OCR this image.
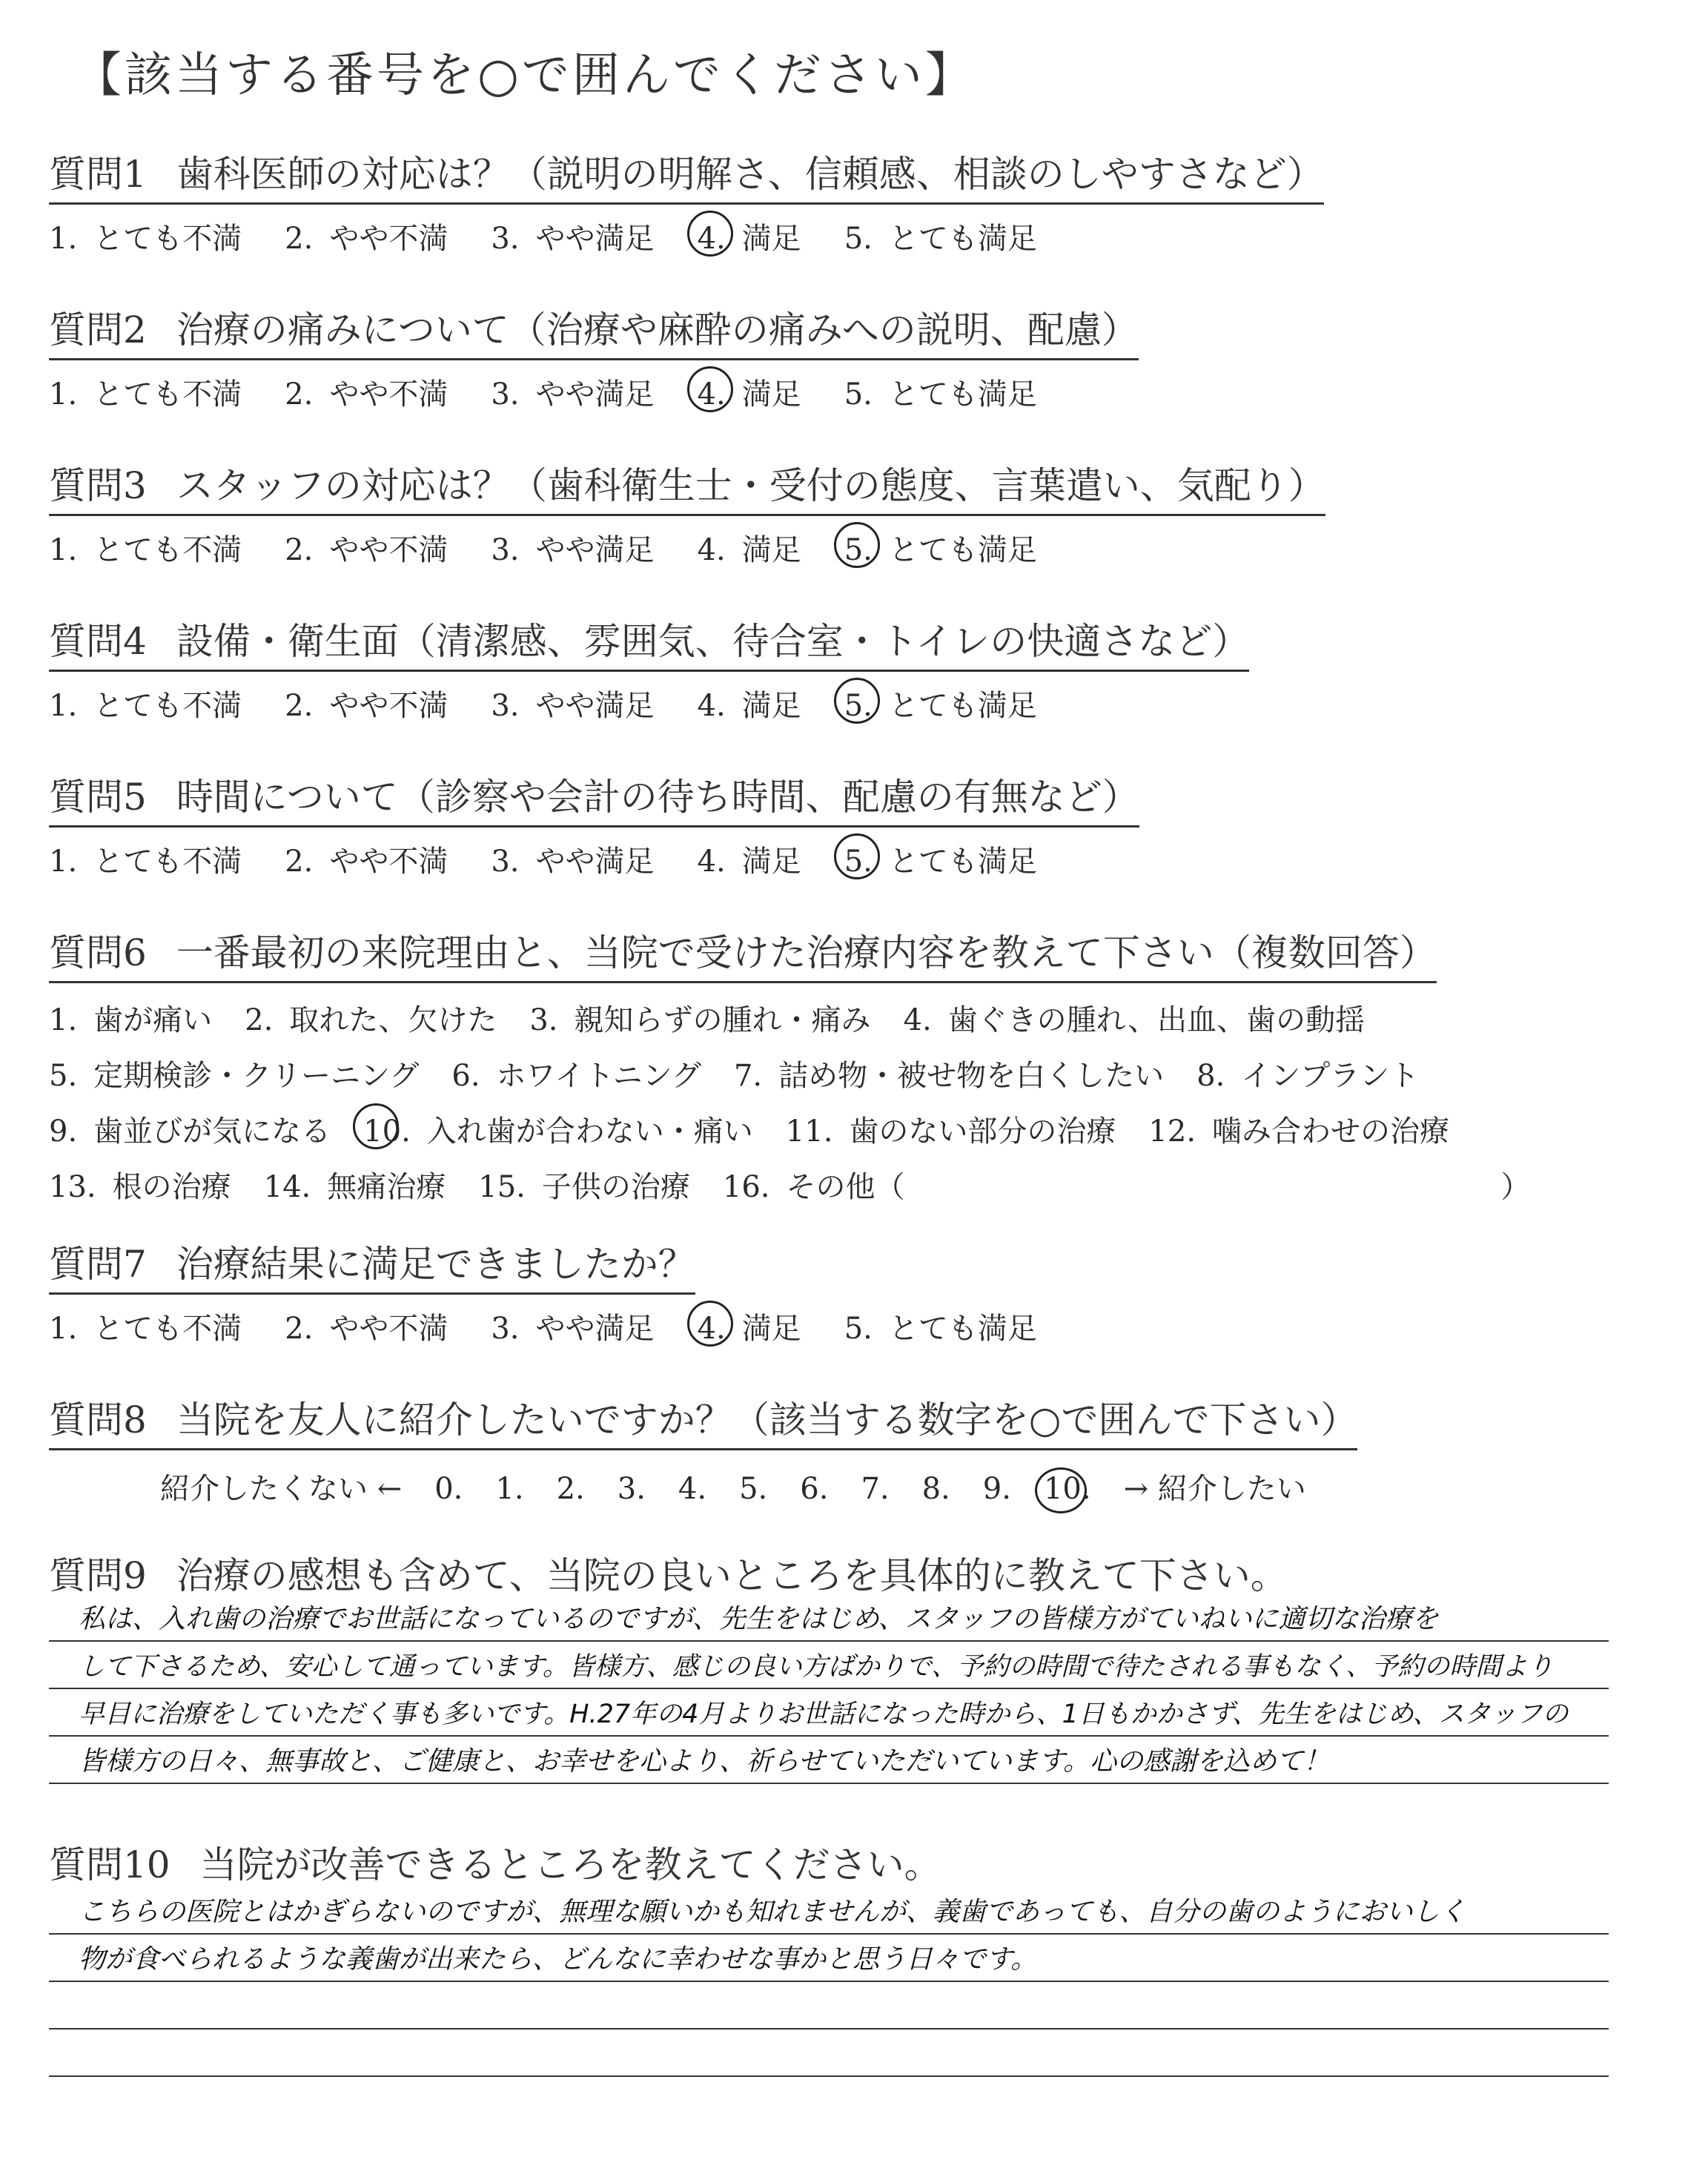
【該当する番号を○で囲んでください】
質問1 歯科医師の対応は？（説明の明解さ、信頼感、相談のしやすさなど）
1. とても不満 2. やや不満 3. やや満足 4. 満足 5. とても満足
質問2 治療の痛みについて（治療や麻酔の痛みへの説明、配慮）
1. とても不満 2. やや不満 3. やや満足 4. 満足 5. とても満足
質問3 スタッフの対応は？（歯科衛生士・受付の態度、言葉遣い、気配り）
1. とても不満 2. やや不満 3. やや満足 4. 満足 5. とても満足
質問4 設備・衛生面（清潔感、雰囲気、待合室・トイレの快適さなど）
1. とても不満 2. やや不満 3. やや満足 4. 満足 5. とても満足
質問5 時間について（診察や会計の待ち時間、配慮の有無など）
1. とても不満 2. やや不満 3. やや満足 4. 満足 5. とても満足
質問6 一番最初の来院理由と、当院で受けた治療内容を教えて下さい（複数回答）
1. 歯が痛い 2. 取れた、欠けた 3. 親知らずの腫れ・痛み 4. 歯ぐきの腫れ、出血、歯の動揺
5. 定期検診・クリーニング 6. ホワイトニング 7. 詰め物・被せ物を白くしたい 8. インプラント
9. 歯並びが気になる 10. 入れ歯が合わない・痛い 11. 歯のない部分の治療 12. 噛み合わせの治療
13. 根の治療 14. 無痛治療 15. 子供の治療 16. その他（	）
質問7 治療結果に満足できましたか？
1. とても不満 2. やや不満 3. やや満足 4. 満足 5. とても満足
質問8 当院を友人に紹介したいですか？（該当する数字を○で囲んで下さい）
紹介したくない ← 0. 1. 2. 3. 4. 5. 6. 7. 8. 9. 10. → 紹介したい
質問9 治療の感想も含めて、当院の良いところを具体的に教えて下さい。
私は、入れ歯の治療でお世話になっているのですが、先生をはじめ、スタッフの皆様方がていねいに適切な治療を
して下さるため、安心して通っています。皆様方、感じの良い方ばかりで、予約の時間で待たされる事もなく、予約の時間より
早目に治療をしていただく事も多いです。H.27年の4月よりお世話になった時から、1日もかかさず、先生をはじめ、スタッフの
皆様方の日々、無事故と、ご健康と、お幸せを心より、祈らせていただいています。心の感謝を込めて！
質問10 当院が改善できるところを教えてください。
こちらの医院とはかぎらないのですが、無理な願いかも知れませんが、義歯であっても、自分の歯のようにおいしく
物が食べられるような義歯が出来たら、どんなに幸わせな事かと思う日々です。
